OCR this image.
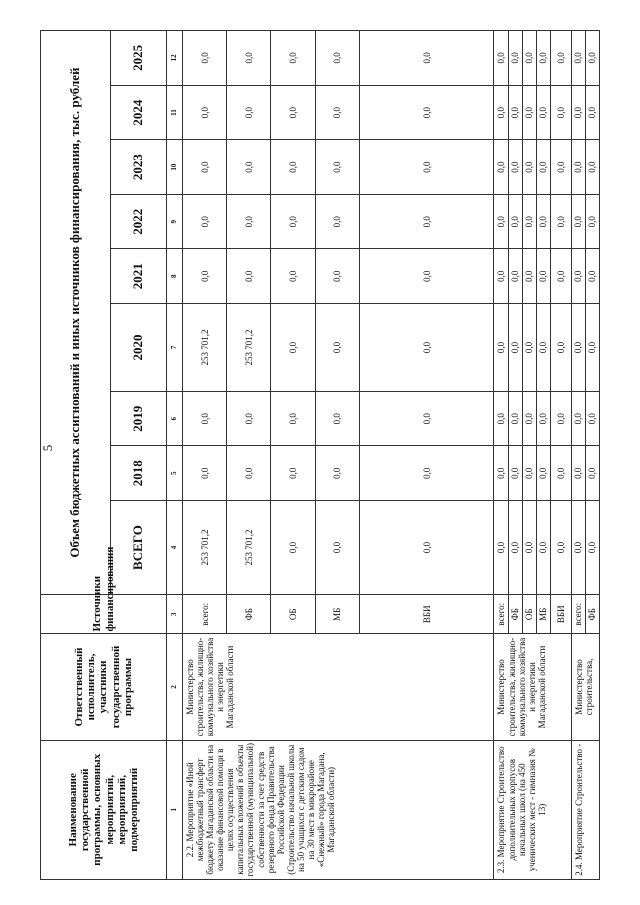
5
Наименование государственной программы, основных мероприятий, мероприятий, подмероприятий	Ответственный исполнитель, участники государственной программы	Источники финансирования	Объем бюджетных ассигнований и иных источников финансирования, тыс. рублей								
			ВСЕГО	2018	2019	2020	2021	2022	2023	2024	2025
1	2	3	4	5	6	7	8	9	10	11	12
2.2. Мероприятие «Иной межбюджетный трансферт бюджету Магаданской области на оказание финансовой помощи в целях осуществления капитальных вложений в объекты государственной (муниципальной) собственности за счет средств резервного фонда Правительства Российской Федерации (Строительство начальной школы на 50 учащихся с детским садом на 30 мест в микрорайоне «Снежный» города Магадана, Магаданской области)	Министерство строительства, жилищно-коммунального хозяйства и энергетики Магаданской области	всего:	253 701,2	0,0	0,0	253 701,2	0,0	0,0	0,0	0,0	0,0
		ФБ	253 701,2	0,0	0,0	253 701,2	0,0	0,0	0,0	0,0	0,0
		ОБ	0,0	0,0	0,0	0,0	0,0	0,0	0,0	0,0	0,0
		МБ	0,0	0,0	0,0	0,0	0,0	0,0	0,0	0,0	0,0
		ВБИ	0,0	0,0	0,0	0,0	0,0	0,0	0,0	0,0	0,0
2.3. Мероприятие Строительство дополнительных корпусов начальных школ (на 450 ученических мест - гимназия № 13)	Министерство строительства, жилищно-коммунального хозяйства и энергетики Магаданской области	всего:	0,0	0,0	0,0	0,0	0,0	0,0	0,0	0,0	0,0
		ФБ	0,0	0,0	0,0	0,0	0,0	0,0	0,0	0,0	0,0
		ОБ	0,0	0,0	0,0	0,0	0,0	0,0	0,0	0,0	0,0
		МБ	0,0	0,0	0,0	0,0	0,0	0,0	0,0	0,0	0,0
		ВБИ	0,0	0,0	0,0	0,0	0,0	0,0	0,0	0,0	0,0
2.4. Мероприятие Строительство -	Министерство строительства,	всего:	0,0	0,0	0,0	0,0	0,0	0,0	0,0	0,0	0,0
		ФБ	0,0	0,0	0,0	0,0	0,0	0,0	0,0	0,0	0,0
